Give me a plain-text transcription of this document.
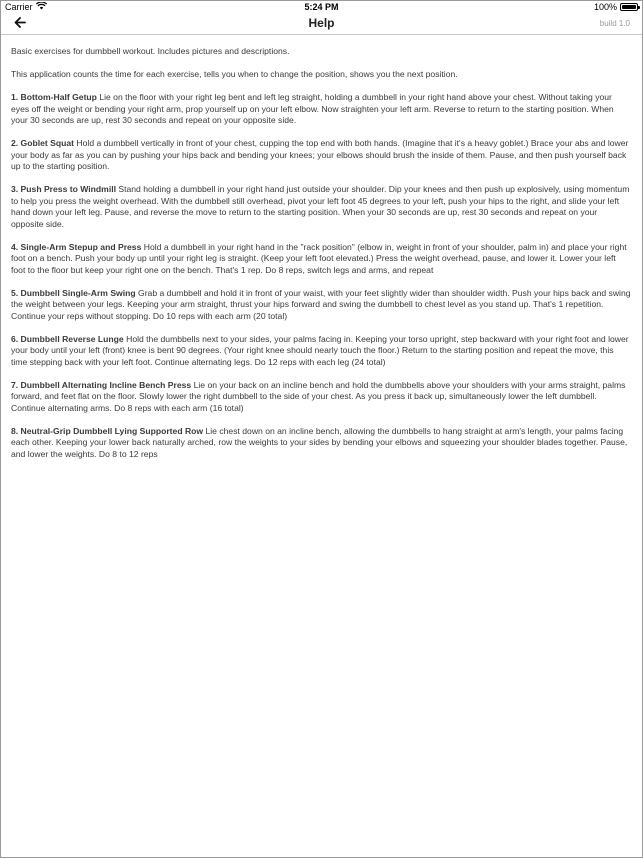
Carrier	5:24 PM	100%
Help	build 1.0

Basic exercises for dumbbell workout. Includes pictures and descriptions.

This application counts the time for each exercise, tells you when to change the position, shows you the next position.

1. Bottom-Half Getup Lie on the floor with your right leg bent and left leg straight, holding a dumbbell in your right hand above your chest. Without taking your eyes off the weight or bending your right arm, prop yourself up on your left elbow. Now straighten your left arm. Reverse to return to the starting position. When your 30 seconds are up, rest 30 seconds and repeat on your opposite side.

2. Goblet Squat Hold a dumbbell vertically in front of your chest, cupping the top end with both hands. (Imagine that it's a heavy goblet.) Brace your abs and lower your body as far as you can by pushing your hips back and bending your knees; your elbows should brush the inside of them. Pause, and then push yourself back up to the starting position.

3. Push Press to Windmill Stand holding a dumbbell in your right hand just outside your shoulder. Dip your knees and then push up explosively, using momentum to help you press the weight overhead. With the dumbbell still overhead, pivot your left foot 45 degrees to your left, push your hips to the right, and slide your left hand down your left leg. Pause, and reverse the move to return to the starting position. When your 30 seconds are up, rest 30 seconds and repeat on your opposite side.

4. Single-Arm Stepup and Press Hold a dumbbell in your right hand in the "rack position" (elbow in, weight in front of your shoulder, palm in) and place your right foot on a bench. Push your body up until your right leg is straight. (Keep your left foot elevated.) Press the weight overhead, pause, and lower it. Lower your left foot to the floor but keep your right one on the bench. That's 1 rep. Do 8 reps, switch legs and arms, and repeat

5. Dumbbell Single-Arm Swing Grab a dumbbell and hold it in front of your waist, with your feet slightly wider than shoulder width. Push your hips back and swing the weight between your legs. Keeping your arm straight, thrust your hips forward and swing the dumbbell to chest level as you stand up. That's 1 repetition. Continue your reps without stopping. Do 10 reps with each arm (20 total)

6. Dumbbell Reverse Lunge Hold the dumbbells next to your sides, your palms facing in. Keeping your torso upright, step backward with your right foot and lower your body until your left (front) knee is bent 90 degrees. (Your right knee should nearly touch the floor.) Return to the starting position and repeat the move, this time stepping back with your left foot. Continue alternating legs. Do 12 reps with each leg (24 total)

7. Dumbbell Alternating Incline Bench Press Lie on your back on an incline bench and hold the dumbbells above your shoulders with your arms straight, palms forward, and feet flat on the floor. Slowly lower the right dumbbell to the side of your chest. As you press it back up, simultaneously lower the left dumbbell. Continue alternating arms. Do 8 reps with each arm (16 total)

8. Neutral-Grip Dumbbell Lying Supported Row Lie chest down on an incline bench, allowing the dumbbells to hang straight at arm's length, your palms facing each other. Keeping your lower back naturally arched, row the weights to your sides by bending your elbows and squeezing your shoulder blades together. Pause, and lower the weights. Do 8 to 12 reps
